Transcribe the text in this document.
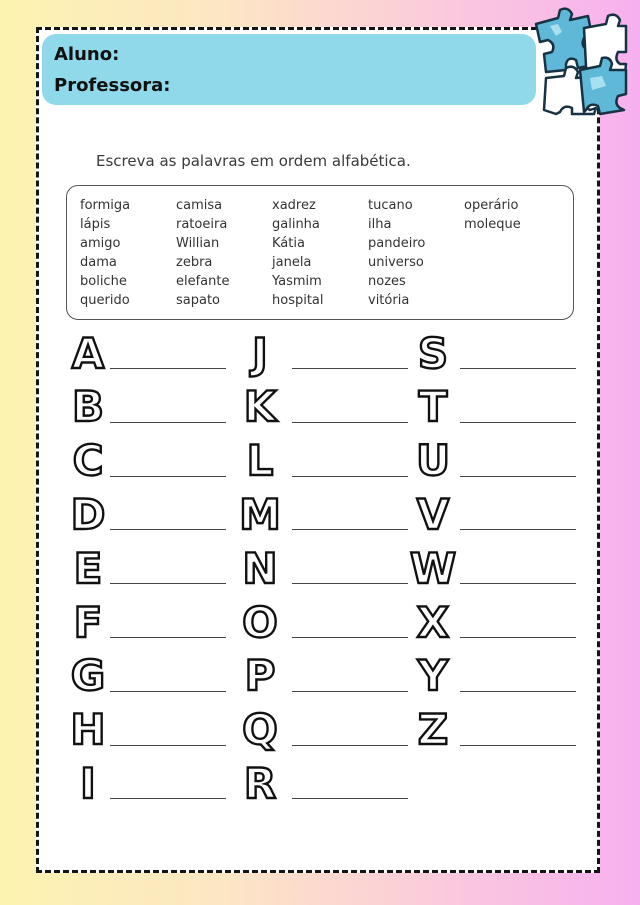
Aluno:
Professora:
Escreva as palavras em ordem alfabética.
formiga
lápis
amigo
dama
boliche
querido
camisa
ratoeira
Willian
zebra
elefante
sapato
xadrez
galinha
Kátia
janela
Yasmim
hospital
tucano
ilha
pandeiro
universo
nozes
vitória
operário
moleque
A
B
C
D
E
F
G
H
I
J
K
L
M
N
O
P
Q
R
S
T
U
V
W
X
Y
Z
